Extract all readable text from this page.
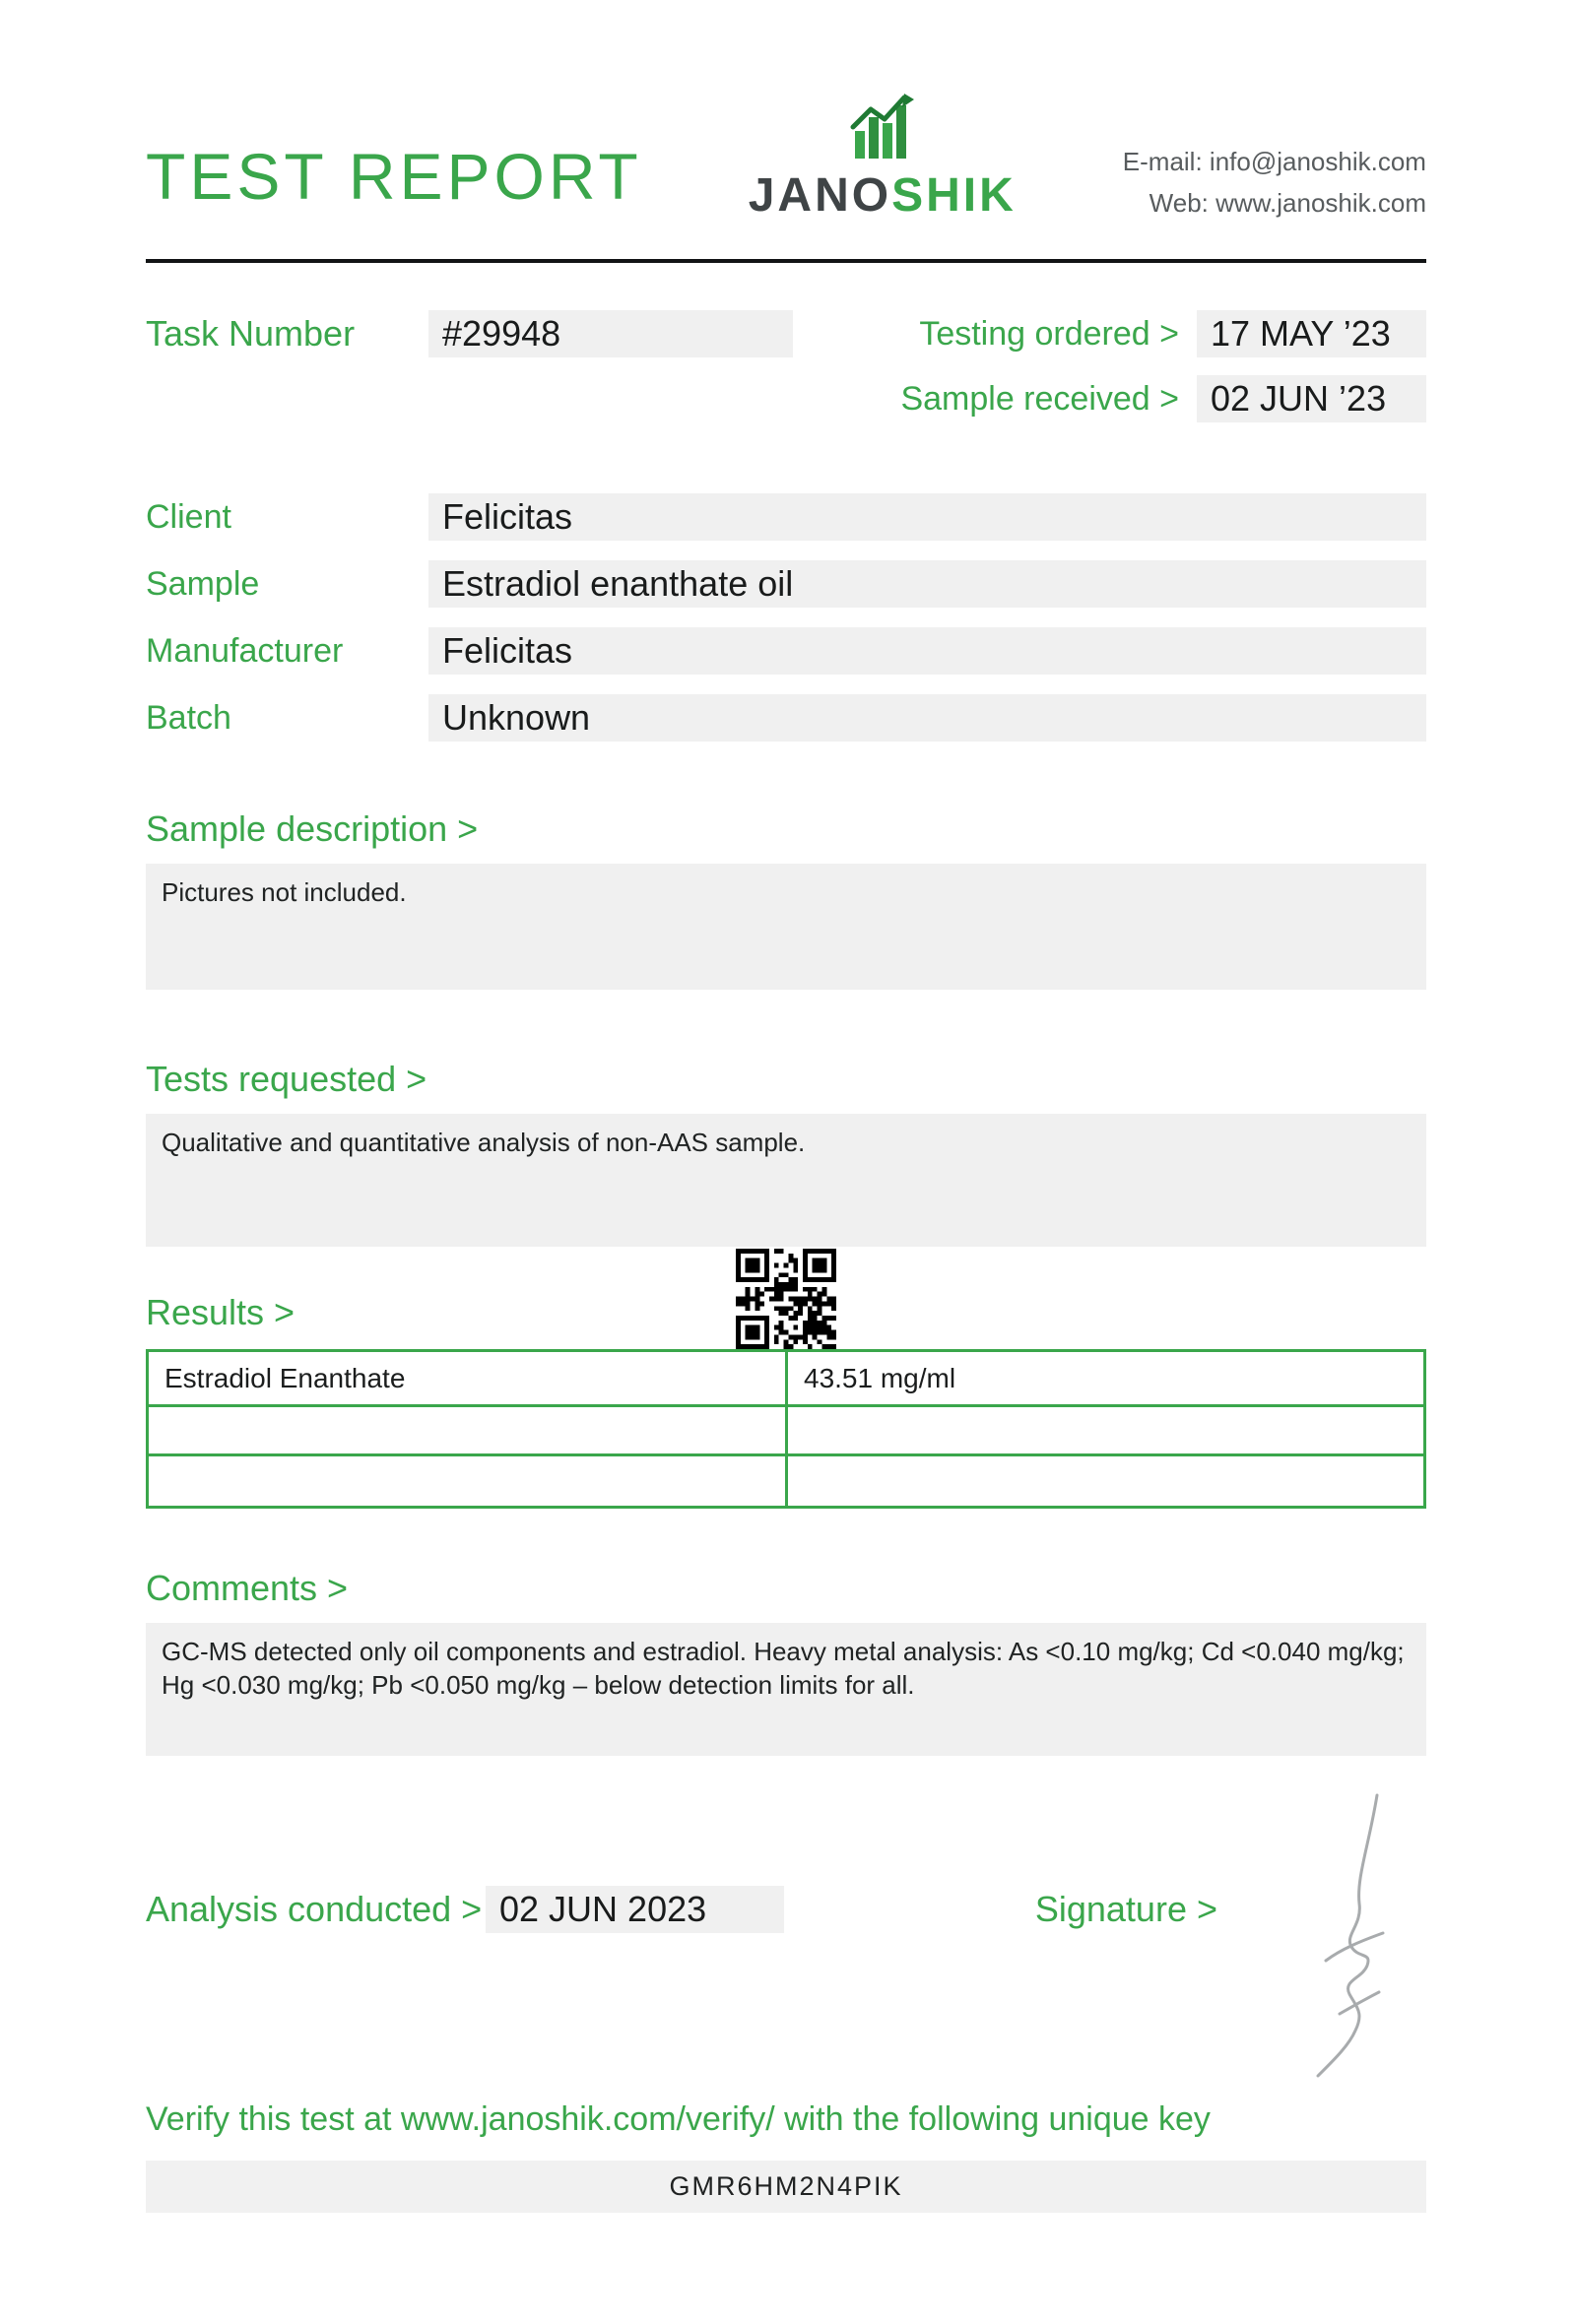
TEST REPORT JANOSHIK
E-mail: info@janoshik.com
Web: www.janoshik.com
Task Number	#29948	Testing ordered > 17 MAY ’23
Sample received > 02 JUN ’23
Client	Felicitas
Sample	Estradiol enanthate oil
Manufacturer	Felicitas
Batch	Unknown
Sample description >
Pictures not included.
Tests requested >
Qualitative and quantitative analysis of non-AAS sample.
Results >
Estradiol Enanthate	43.51 mg/ml
Comments >
GC-MS detected only oil components and estradiol. Heavy metal analysis: As <0.10 mg/kg; Cd <0.040 mg/kg; Hg <0.030 mg/kg; Pb <0.050 mg/kg – below detection limits for all.
Analysis conducted > 02 JUN 2023	Signature >
Verify this test at www.janoshik.com/verify/ with the following unique key
GMR6HM2N4PIK
